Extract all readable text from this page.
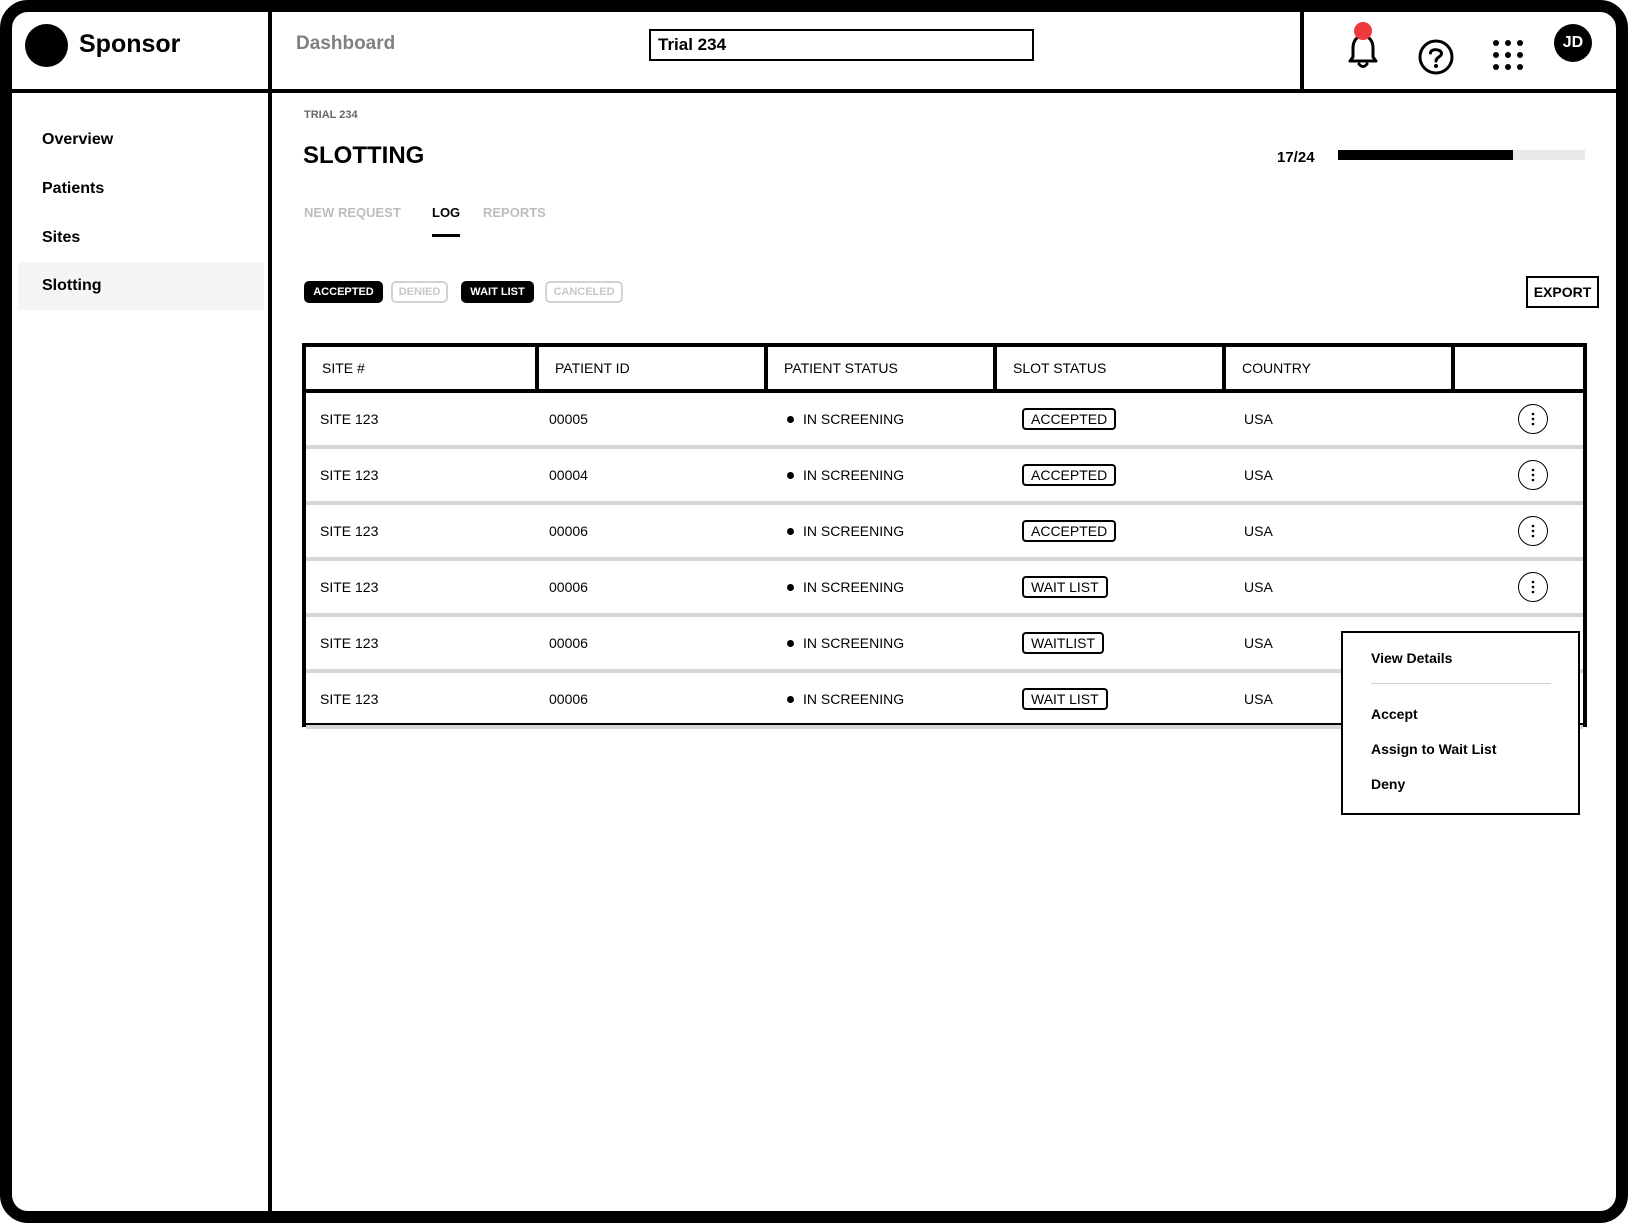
Sponsor	Dashboard
Trial 234	JD
Overview
Patients
Sites
Slotting
TRIAL 234
SLOTTING	17/24
NEW REQUEST LOG REPORTS
ACCEPTED	DENIED	WAIT LIST	CANCELED	EXPORT
SITE #	PATIENT ID	PATIENT STATUS	SLOT STATUS	COUNTRY
SITE 123	00005	IN SCREENING	ACCEPTED	USA
SITE 123	00004	IN SCREENING	ACCEPTED	USA
SITE 123	00006	IN SCREENING	ACCEPTED	USA
SITE 123	00006	IN SCREENING	WAIT LIST	USA
SITE 123	00006	IN SCREENING	WAITLIST	USA
SITE 123	00006	IN SCREENING	WAIT LIST	USA
View Details
Accept
Assign to Wait List
Deny
